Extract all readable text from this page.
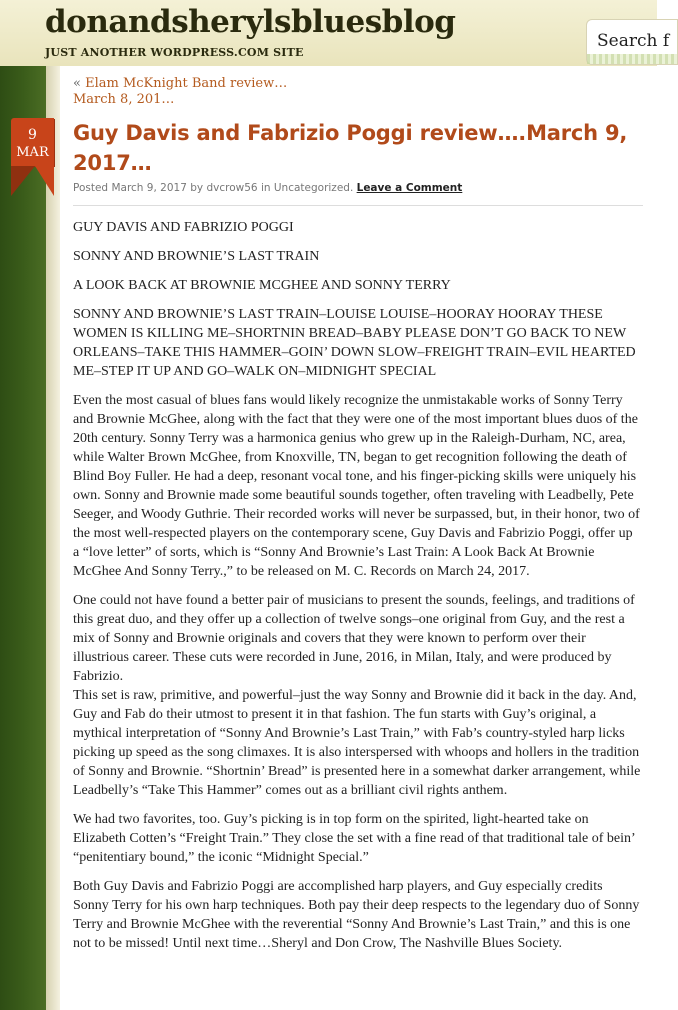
donandsherylsbluesblog
JUST ANOTHER WORDPRESS.COM SITE
Search f
« Elam McKnight Band review…March 8, 201…
9
MAR
Guy Davis and Fabrizio Poggi review….March 9, 2017…
Posted March 9, 2017 by dvcrow56 in Uncategorized. Leave a Comment
GUY DAVIS AND FABRIZIO POGGI
SONNY AND BROWNIE’S LAST TRAIN
A LOOK BACK AT BROWNIE MCGHEE AND SONNY TERRY
SONNY AND BROWNIE’S LAST TRAIN–LOUISE LOUISE–HOORAY HOORAY THESE WOMEN IS KILLING ME–SHORTNIN BREAD–BABY PLEASE DON’T GO BACK TO NEW ORLEANS–TAKE THIS HAMMER–GOIN’ DOWN SLOW–FREIGHT TRAIN–EVIL HEARTED ME–STEP IT UP AND GO–WALK ON–MIDNIGHT SPECIAL
Even the most casual of blues fans would likely recognize the unmistakable works of Sonny Terry and Brownie McGhee, along with the fact that they were one of the most important blues duos of the 20th century. Sonny Terry was a harmonica genius who grew up in the Raleigh-Durham, NC, area, while Walter Brown McGhee, from Knoxville, TN, began to get recognition following the death of Blind Boy Fuller. He had a deep, resonant vocal tone, and his finger-picking skills were uniquely his own. Sonny and Brownie made some beautiful sounds together, often traveling with Leadbelly, Pete Seeger, and Woody Guthrie. Their recorded works will never be surpassed, but, in their honor, two of the most well-respected players on the contemporary scene, Guy Davis and Fabrizio Poggi, offer up a “love letter” of sorts, which is “Sonny And Brownie’s Last Train: A Look Back At Brownie McGhee And Sonny Terry.,” to be released on M. C. Records on March 24, 2017.
One could not have found a better pair of musicians to present the sounds, feelings, and traditions of this great duo, and they offer up a collection of twelve songs–one original from Guy, and the rest a mix of Sonny and Brownie originals and covers that they were known to perform over their illustrious career. These cuts were recorded in June, 2016, in Milan, Italy, and were produced by Fabrizio.
This set is raw, primitive, and powerful–just the way Sonny and Brownie did it back in the day. And, Guy and Fab do their utmost to present it in that fashion. The fun starts with Guy’s original, a mythical interpretation of “Sonny And Brownie’s Last Train,” with Fab’s country-styled harp licks picking up speed as the song climaxes. It is also interspersed with whoops and hollers in the tradition of Sonny and Brownie. “Shortnin’ Bread” is presented here in a somewhat darker arrangement, while Leadbelly’s “Take This Hammer” comes out as a brilliant civil rights anthem.
We had two favorites, too. Guy’s picking is in top form on the spirited, light-hearted take on Elizabeth Cotten’s “Freight Train.” They close the set with a fine read of that traditional tale of bein’ “penitentiary bound,” the iconic “Midnight Special.”
Both Guy Davis and Fabrizio Poggi are accomplished harp players, and Guy especially credits Sonny Terry for his own harp techniques. Both pay their deep respects to the legendary duo of Sonny Terry and Brownie McGhee with the reverential “Sonny And Brownie’s Last Train,” and this is one not to be missed! Until next time…Sheryl and Don Crow, The Nashville Blues Society.
